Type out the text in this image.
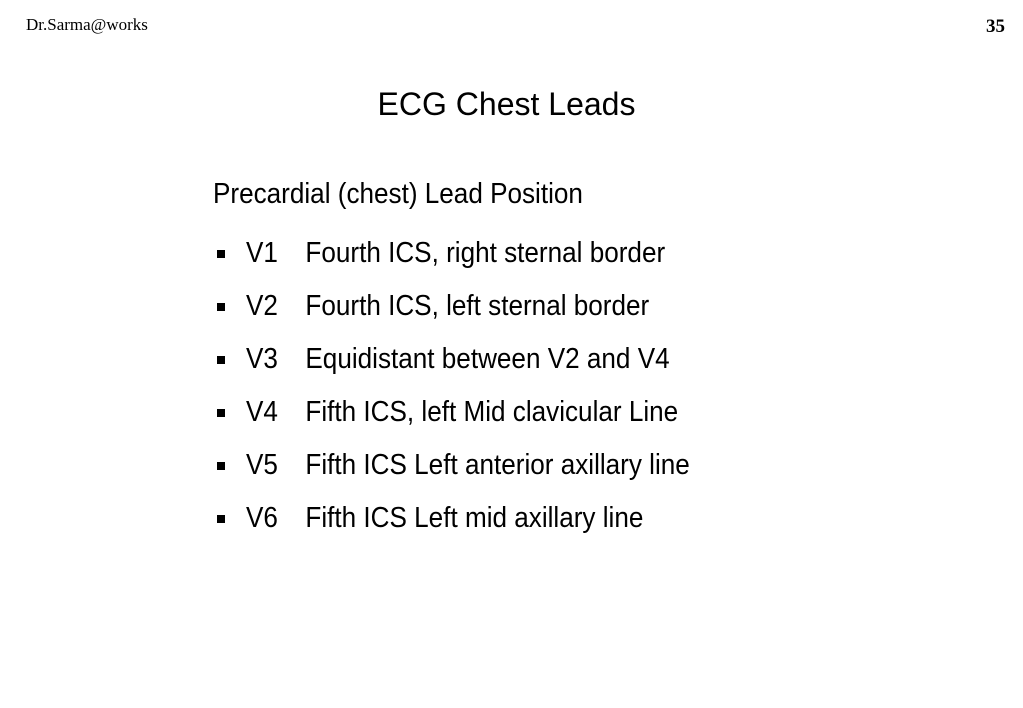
Dr.Sarma@works	35
ECG Chest Leads
Precardial (chest) Lead Position
V1 Fourth ICS, right sternal border
V2 Fourth ICS, left sternal border
V3 Equidistant between V2 and V4
V4 Fifth ICS, left Mid clavicular Line
V5 Fifth ICS Left anterior axillary line
V6 Fifth ICS Left mid axillary line
